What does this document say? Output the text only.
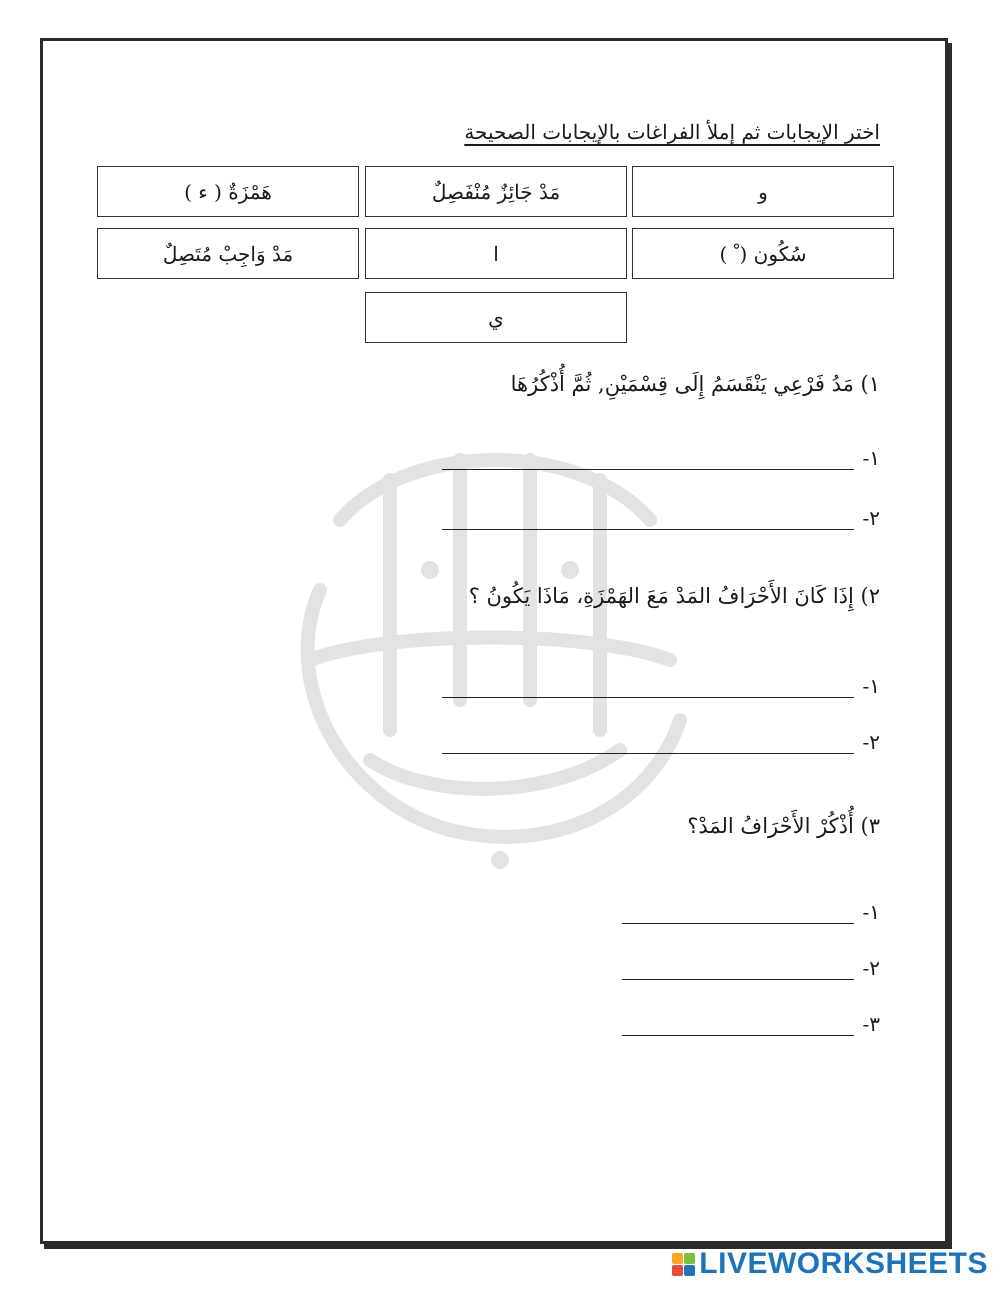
اختر الإيجابات ثم إملأ الفراغات بالإيجابات الصحيحة
و
مَدْ جَائِزٌ مُنْفَصِلٌ
هَمْزَةٌ ( ء )
سُكُون ( ْ )
ا
مَدْ وَاجِبْ مُتَصِلٌ
ي
١) مَدُ فَرْعِي يَنْقَسَمُ إِلَى قِسْمَيْنِ, ثُمَّ أُذْكُرُهَا
١-
٢-
٢) إِذَا كَانَ الأَحْرَافُ المَدْ مَعَ الهَمْزَةِ، مَاذَا يَكُونُ ؟
١-
٢-
٣) أُذْكُرْ الأَحْرَافُ المَدْ؟
١-
٢-
٣-
LIVEWORKSHEETS
